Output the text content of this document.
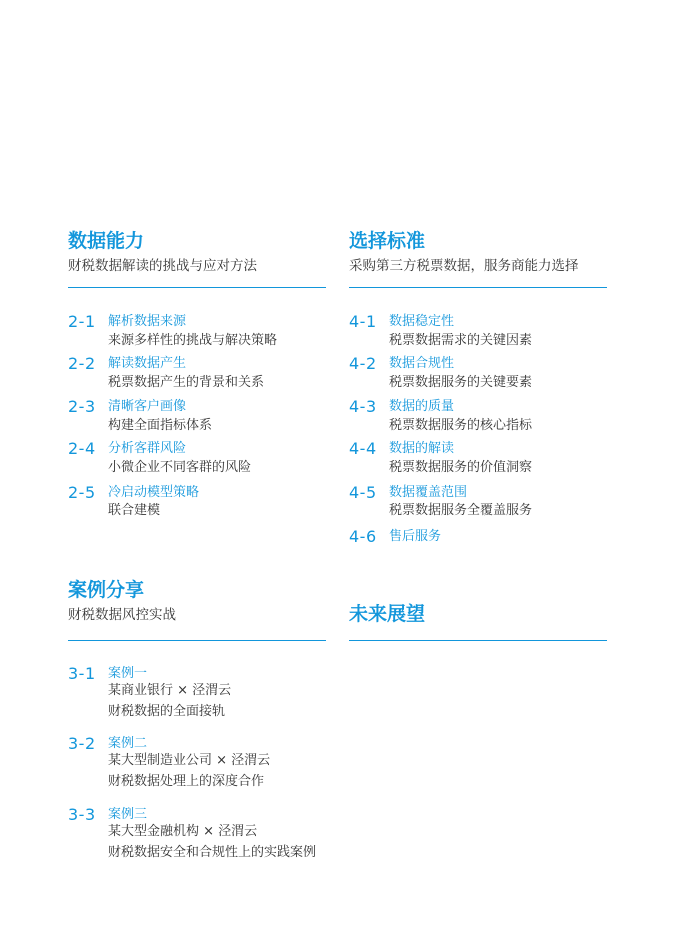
数据能力
财税数据解读的挑战与应对方法
2-1 解析数据来源
来源多样性的挑战与解决策略
2-2 解读数据产生
税票数据产生的背景和关系
2-3 清晰客户画像
构建全面指标体系
2-4 分析客群风险
小微企业不同客群的风险
2-5 冷启动模型策略
联合建模
选择标准
采购第三方税票数据，服务商能力选择
4-1 数据稳定性
税票数据需求的关键因素
4-2 数据合规性
税票数据服务的关键要素
4-3 数据的质量
税票数据服务的核心指标
4-4 数据的解读
税票数据服务的价值洞察
4-5 数据覆盖范围
税票数据服务全覆盖服务
4-6 售后服务
案例分享
财税数据风控实战
3-1 案例一
某商业银行 × 泾渭云
财税数据的全面接轨
3-2 案例二
某大型制造业公司 × 泾渭云
财税数据处理上的深度合作
3-3 案例三
某大型金融机构 × 泾渭云
财税数据安全和合规性上的实践案例
未来展望
